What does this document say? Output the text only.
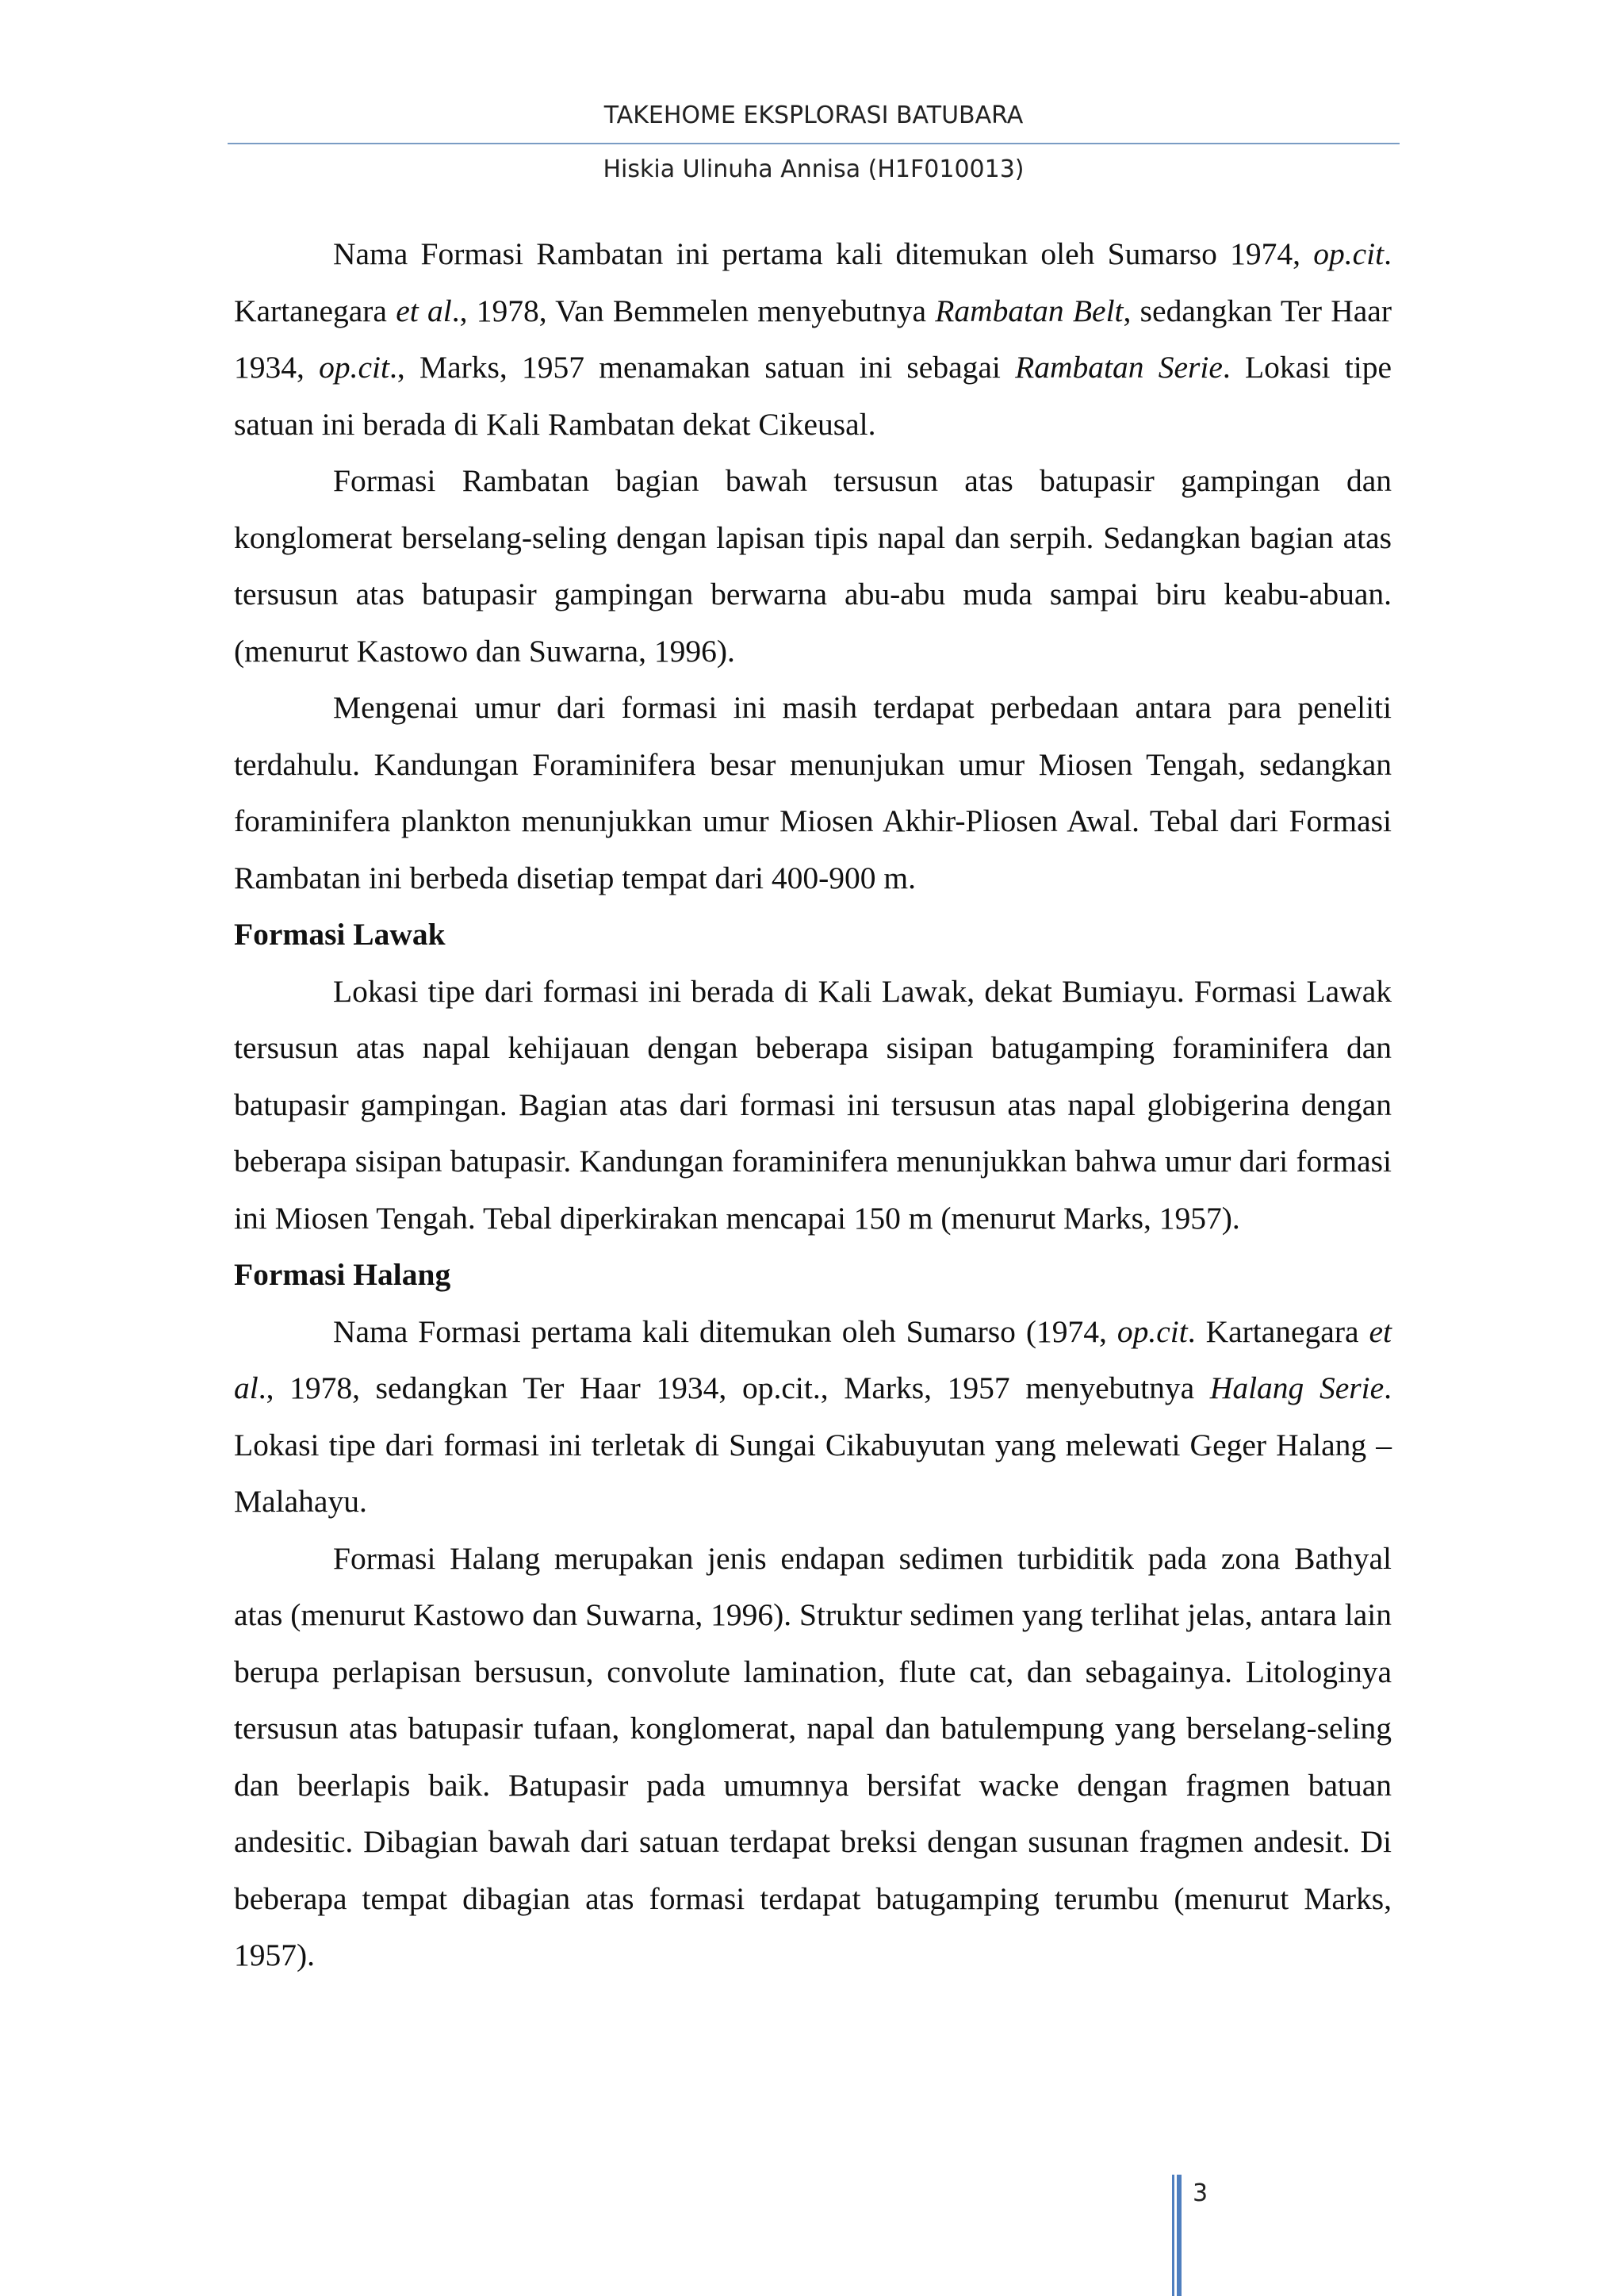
TAKEHOME EKSPLORASI BATUBARA
Hiskia Ulinuha Annisa (H1F010013)

Nama Formasi Rambatan ini pertama kali ditemukan oleh Sumarso 1974, op.cit. Kartanegara et al., 1978, Van Bemmelen menyebutnya Rambatan Belt, sedangkan Ter Haar 1934, op.cit., Marks, 1957 menamakan satuan ini sebagai Rambatan Serie. Lokasi tipe satuan ini berada di Kali Rambatan dekat Cikeusal.

Formasi Rambatan bagian bawah tersusun atas batupasir gampingan dan konglomerat berselang-seling dengan lapisan tipis napal dan serpih. Sedangkan bagian atas tersusun atas batupasir gampingan berwarna abu-abu muda sampai biru keabu-abuan. (menurut Kastowo dan Suwarna, 1996).

Mengenai umur dari formasi ini masih terdapat perbedaan antara para peneliti terdahulu. Kandungan Foraminifera besar menunjukan umur Miosen Tengah, sedangkan foraminifera plankton menunjukkan umur Miosen Akhir-Pliosen Awal. Tebal dari Formasi Rambatan ini berbeda disetiap tempat dari 400-900 m.

Formasi Lawak

Lokasi tipe dari formasi ini berada di Kali Lawak, dekat Bumiayu. Formasi Lawak tersusun atas napal kehijauan dengan beberapa sisipan batugamping foraminifera dan batupasir gampingan. Bagian atas dari formasi ini tersusun atas napal globigerina dengan beberapa sisipan batupasir. Kandungan foraminifera menunjukkan bahwa umur dari formasi ini Miosen Tengah. Tebal diperkirakan mencapai 150 m (menurut Marks, 1957).

Formasi Halang

Nama Formasi pertama kali ditemukan oleh Sumarso (1974, op.cit. Kartanegara et al., 1978, sedangkan Ter Haar 1934, op.cit., Marks, 1957 menyebutnya Halang Serie. Lokasi tipe dari formasi ini terletak di Sungai Cikabuyutan yang melewati Geger Halang – Malahayu.

Formasi Halang merupakan jenis endapan sedimen turbiditik pada zona Bathyal atas (menurut Kastowo dan Suwarna, 1996). Struktur sedimen yang terlihat jelas, antara lain berupa perlapisan bersusun, convolute lamination, flute cat, dan sebagainya. Litologinya tersusun atas batupasir tufaan, konglomerat, napal dan batulempung yang berselang-seling dan beerlapis baik. Batupasir pada umumnya bersifat wacke dengan fragmen batuan andesitic. Dibagian bawah dari satuan terdapat breksi dengan susunan fragmen andesit. Di beberapa tempat dibagian atas formasi terdapat batugamping terumbu (menurut Marks, 1957).

3
